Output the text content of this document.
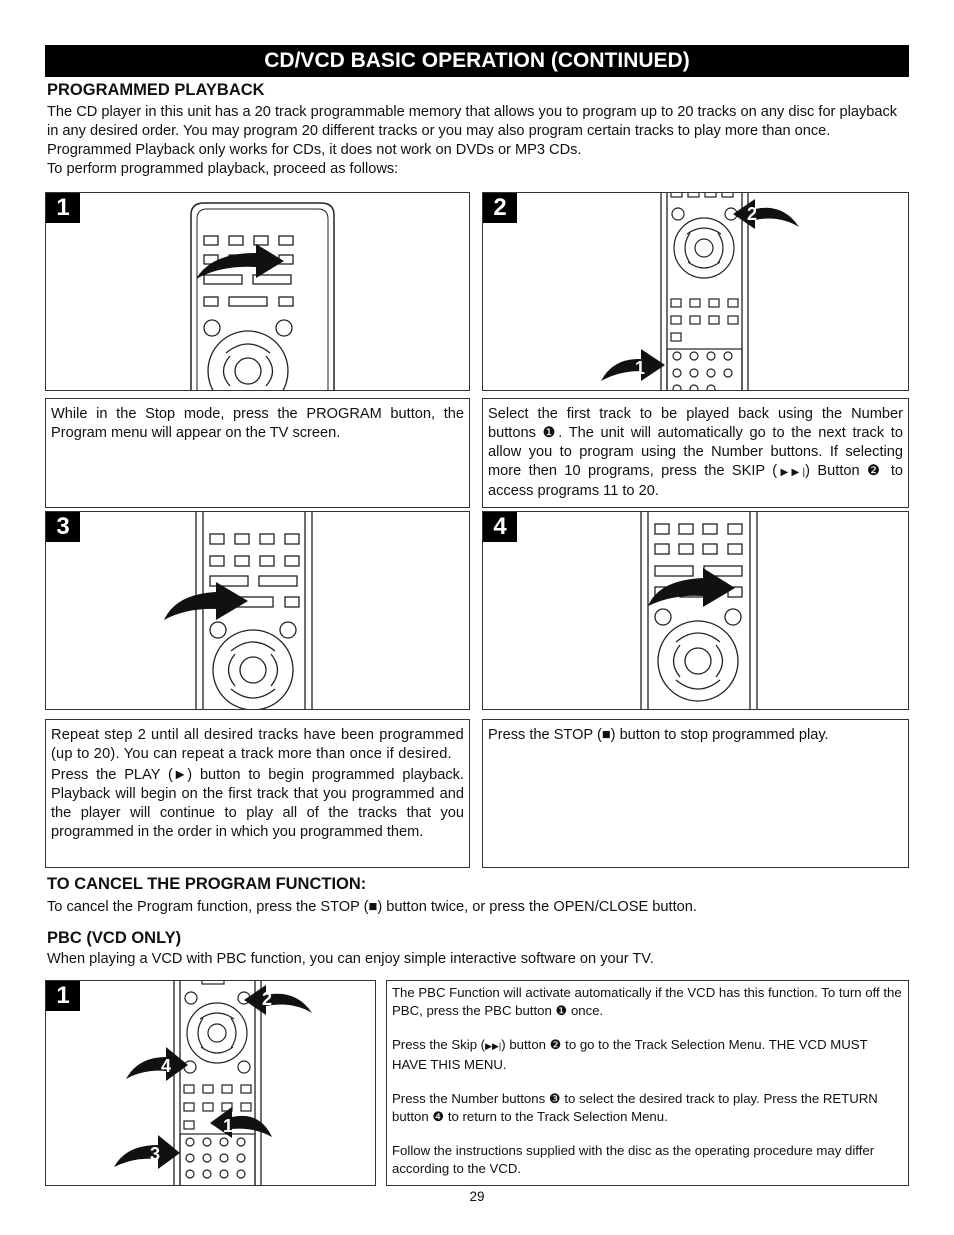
CD/VCD BASIC OPERATION (CONTINUED)
PROGRAMMED PLAYBACK
The CD player in this unit has a 20 track programmable memory that allows you to program up to 20 tracks on any disc for playback in any desired order. You may program 20 different tracks or you may also program certain tracks to play more than once. Programmed Playback only works for CDs, it does not work on DVDs or MP3 CDs.
To perform programmed playback, proceed as follows:
1	2	2
1

While in the Stop mode, press the PROGRAM button, the Program menu will appear on the TV screen.

Select the first track to be played back using the Number buttons ❶. The unit will automatically go to the next track to allow you to program using the Number buttons. If selecting more then 10 programs, press the SKIP (▶▶|) Button ❷ to access programs 11 to 20.

3	4

Repeat step 2 until all desired tracks have been programmed (up to 20). You can repeat a track more than once if desired.

Press the PLAY (►) button to begin programmed playback. Playback will begin on the first track that you programmed and the player will continue to play all of the tracks that you programmed in the order in which you programmed them.

Press the STOP (■) button to stop programmed play.

TO CANCEL THE PROGRAM FUNCTION:
To cancel the Program function, press the STOP (■) button twice, or press the OPEN/CLOSE button.
PBC (VCD ONLY)
When playing a VCD with PBC function, you can enjoy simple interactive software on your TV.
1	2
4
1
3

The PBC Function will activate automatically if the VCD has this function. To turn off the PBC, press the PBC button ❶ once.

Press the Skip (▶▶|) button ❷ to go to the Track Selection Menu. THE VCD MUST HAVE THIS MENU.

Press the Number buttons ❸ to select the desired track to play. Press the RETURN button ❹ to return to the Track Selection Menu.

Follow the instructions supplied with the disc as the operating procedure may differ according to the VCD.

29
